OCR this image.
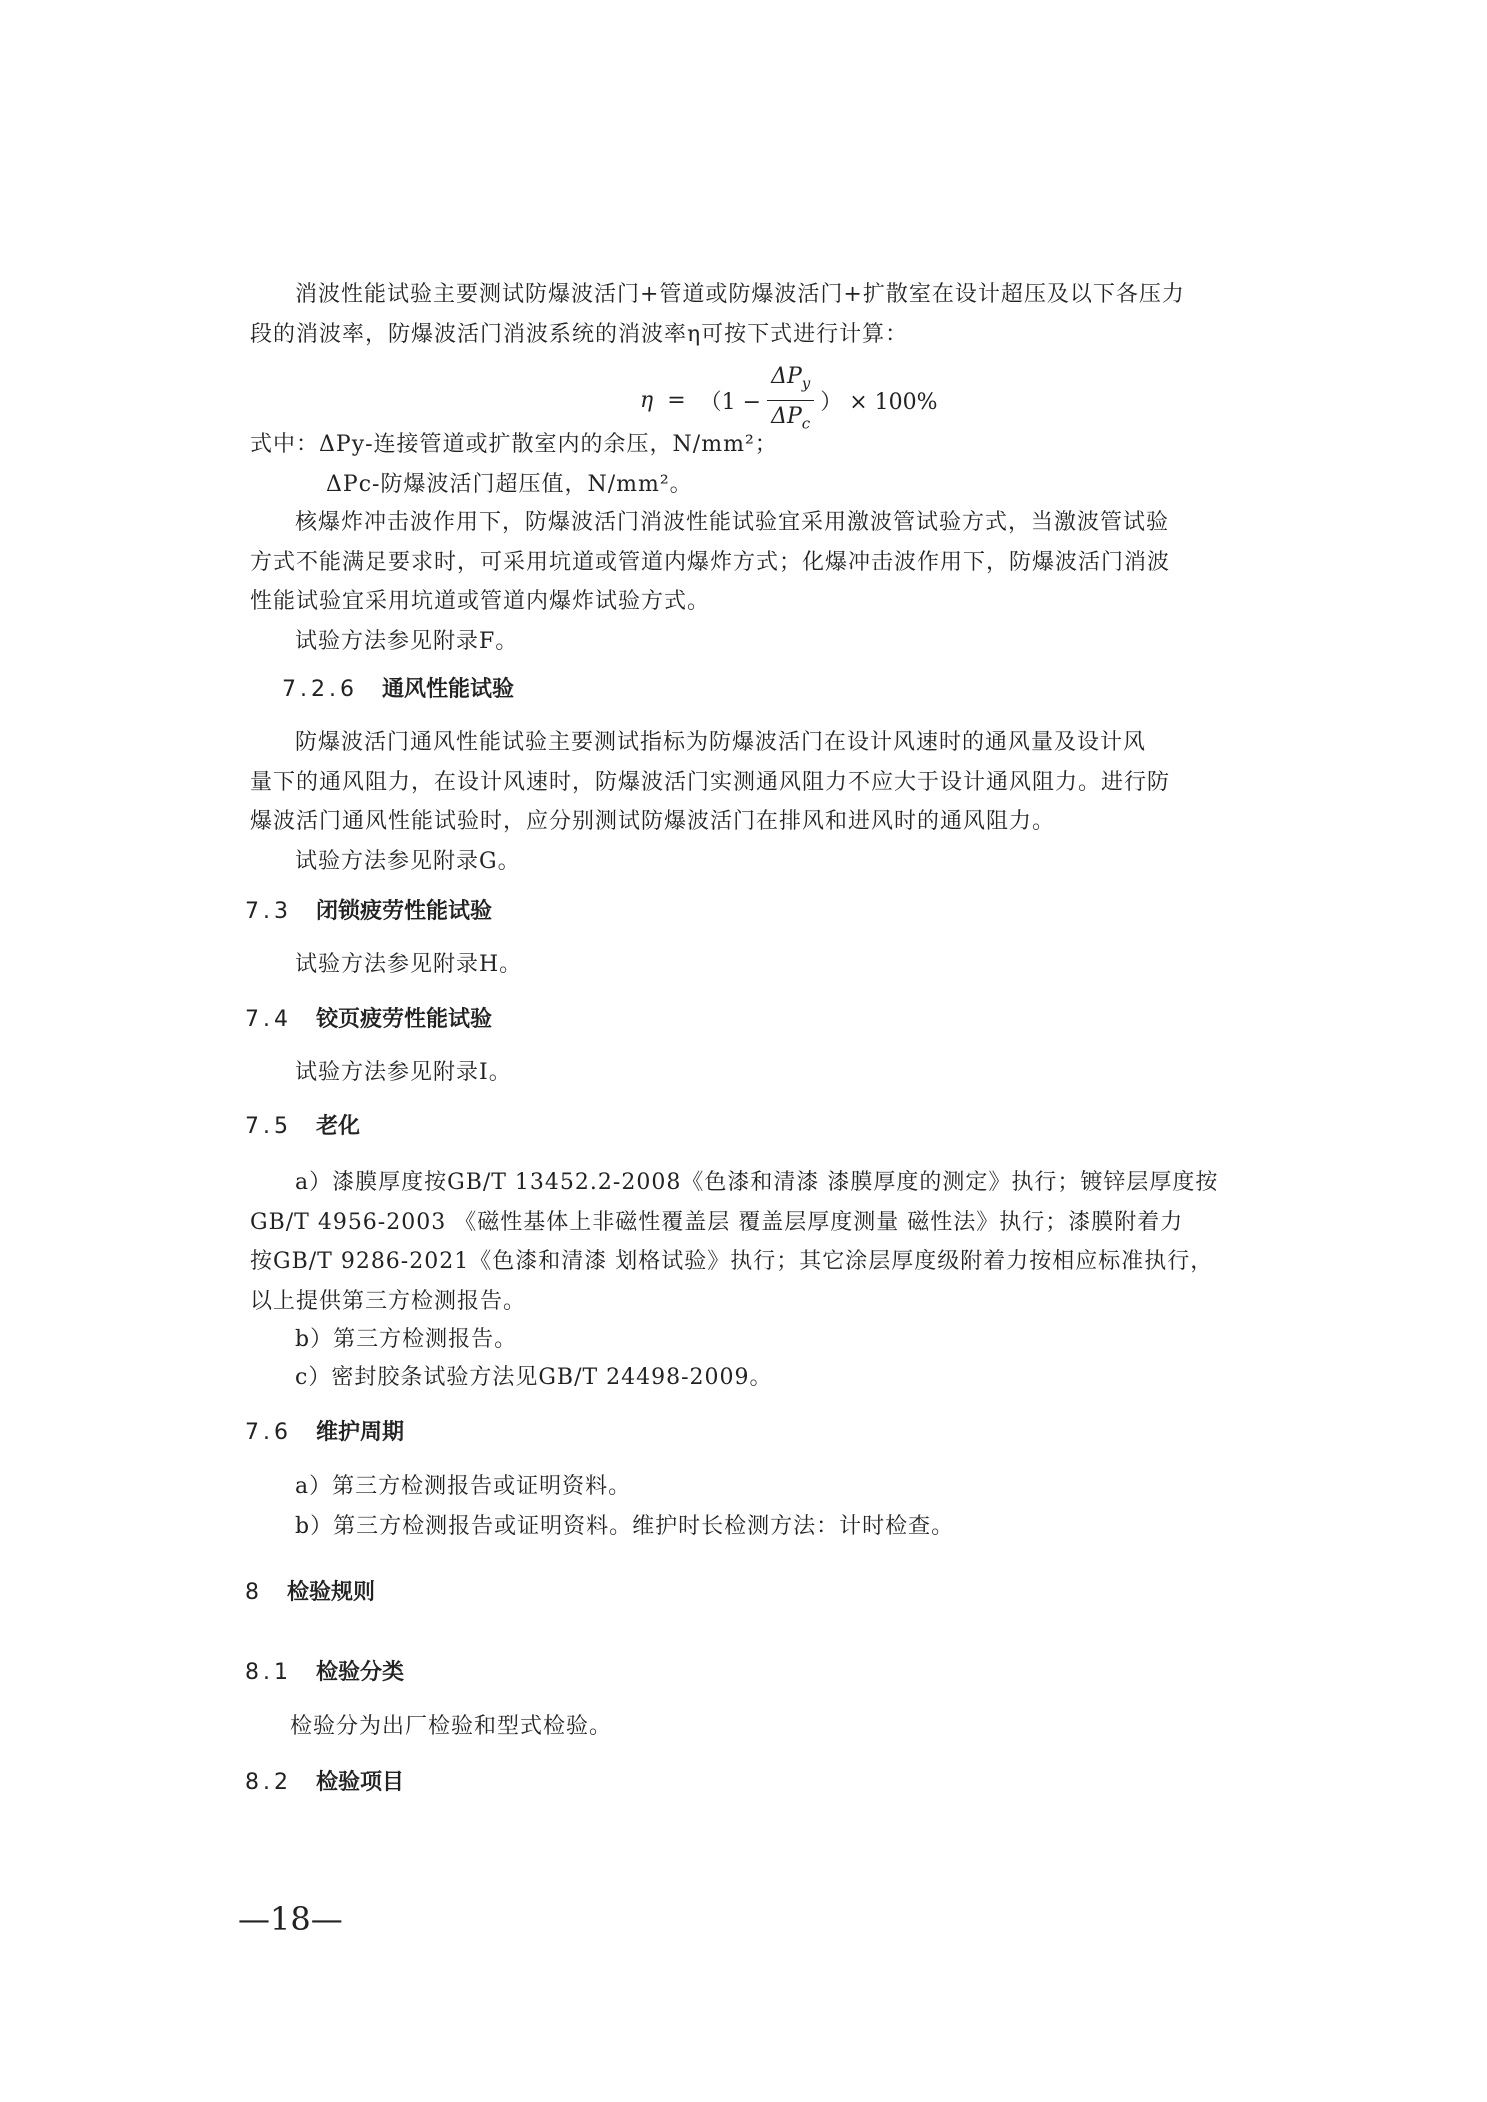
消波性能试验主要测试防爆波活门+管道或防爆波活门+扩散室在设计超压及以下各压力
段的消波率，防爆波活门消波系统的消波率η可按下式进行计算：
$\eta = (1 - \frac{\Delta P_y}{\Delta P_c}$ ） × 100%
式中：ΔPy-连接管道或扩散室内的余压，N/mm²；
ΔPc-防爆波活门超压值，N/mm²。
核爆炸冲击波作用下，防爆波活门消波性能试验宜采用激波管试验方式，当激波管试验
方式不能满足要求时，可采用坑道或管道内爆炸方式；化爆冲击波作用下，防爆波活门消波
性能试验宜采用坑道或管道内爆炸试验方式。
试验方法参见附录F。
7.2.6 通风性能试验
防爆波活门通风性能试验主要测试指标为防爆波活门在设计风速时的通风量及设计风
量下的通风阻力，在设计风速时，防爆波活门实测通风阻力不应大于设计通风阻力。进行防
爆波活门通风性能试验时，应分别测试防爆波活门在排风和进风时的通风阻力。
试验方法参见附录G。
7.3 闭锁疲劳性能试验
试验方法参见附录H。
7.4 铰页疲劳性能试验
试验方法参见附录I。
7.5 老化
a）漆膜厚度按GB/T 13452.2-2008《色漆和清漆 漆膜厚度的测定》执行；镀锌层厚度按
GB/T 4956-2003 《磁性基体上非磁性覆盖层 覆盖层厚度测量 磁性法》执行；漆膜附着力
按GB/T 9286-2021《色漆和清漆 划格试验》执行；其它涂层厚度级附着力按相应标准执行，
以上提供第三方检测报告。
b）第三方检测报告。
c）密封胶条试验方法见GB/T 24498-2009。
7.6 维护周期
a）第三方检测报告或证明资料。
b）第三方检测报告或证明资料。维护时长检测方法：计时检查。
8 检验规则
8.1 检验分类
检验分为出厂检验和型式检验。
8.2 检验项目
—18—
